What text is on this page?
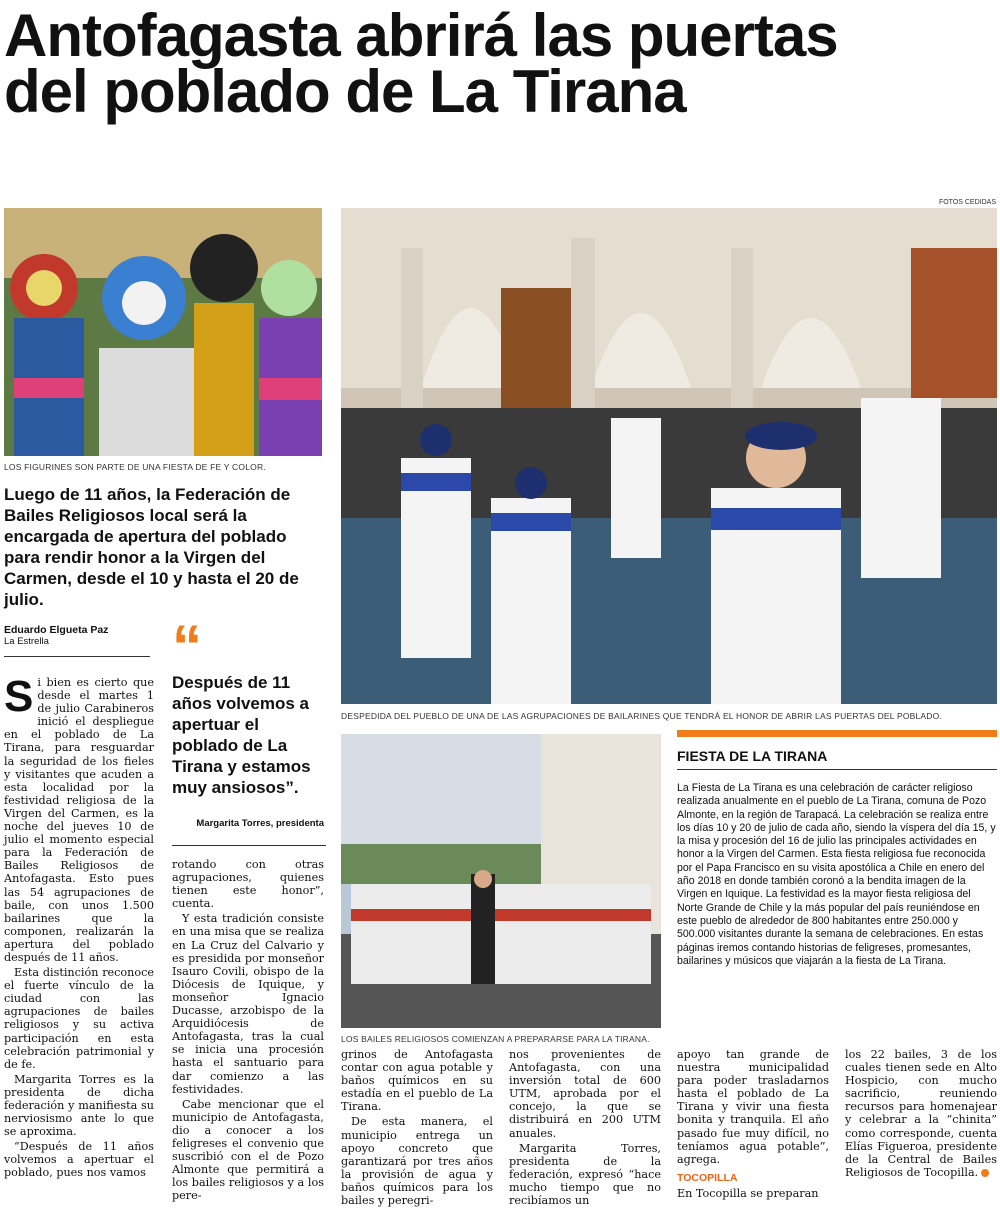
Antofagasta abrirá las puertas
del poblado de La Tirana
FOTOS CEDIDAS
LOS FIGURINES SON PARTE DE UNA FIESTA DE FE Y COLOR.
DESPEDIDA DEL PUEBLO DE UNA DE LAS AGRUPACIONES DE BAILARINES QUE TENDRÁ EL HONOR DE ABRIR LAS PUERTAS DEL POBLADO.
Luego de 11 años, la Federación de Bailes Religiosos local será la encargada de apertura del poblado para rendir honor a la Virgen del Carmen, desde el 10 y hasta el 20 de julio.
Eduardo Elgueta Paz
La Estrella	“
Después de 11 años volvemos a apertuar el poblado de La Tirana y estamos muy ansiosos”.
Margarita Torres, presidenta
S i bien es cierto que desde el martes 1 de julio Carabineros inició el despliegue en el poblado de La Tirana, para resguardar la seguridad de los fieles y visitantes que acuden a esta localidad por la festividad religiosa de la Virgen del Carmen, es la noche del jueves 10 de julio el momento especial para la Federación de Bailes Religiosos de Antofagasta. Esto pues las 54 agrupaciones de baile, con unos 1.500 bailarines que la componen, realizarán la apertura del poblado después de 11 años.

Esta distinción reconoce el fuerte vínculo de la ciudad con las agrupaciones de bailes religiosos y su activa participación en esta celebración patrimonial y de fe.

Margarita Torres es la presidenta de dicha federación y manifiesta su nerviosismo ante lo que se aproxima.

“Después de 11 años volvemos a apertuar el poblado, pues nos vamos

rotando con otras agrupaciones, quienes tienen este honor”, cuenta.

Y esta tradición consiste en una misa que se realiza en La Cruz del Calvario y es presidida por monseñor Isauro Covili, obispo de la Diócesis de Iquique, y monseñor Ignacio Ducasse, arzobispo de la Arquidiócesis de Antofagasta, tras la cual se inicia una procesión hasta el santuario para dar comienzo a las festividades.

Cabe mencionar que el municipio de Antofagasta, dio a conocer a los feligreses el convenio que suscribió con el de Pozo Almonte que permitirá a los bailes religiosos y a los pere-

LOS BAILES RELIGIOSOS COMIENZAN A PREPARARSE PARA LA TIRANA.
FIESTA DE LA TIRANA
La Fiesta de La Tirana es una celebración de carácter religioso realizada anualmente en el pueblo de La Tirana, comuna de Pozo Almonte, en la región de Tarapacá. La celebración se realiza entre los días 10 y 20 de julio de cada año, siendo la víspera del día 15, y la misa y procesión del 16 de julio las principales actividades en honor a la Virgen del Carmen. Esta fiesta religiosa fue reconocida por el Papa Francisco en su visita apostólica a Chile en enero del año 2018 en donde también coronó a la bendita imagen de la Virgen en Iquique. La festividad es la mayor fiesta religiosa del Norte Grande de Chile y la más popular del país reuniéndose en este pueblo de alrededor de 800 habitantes entre 250.000 y 500.000 visitantes durante la semana de celebraciones. En estas páginas iremos contando historias de feligreses, promesantes, bailarines y músicos que viajarán a la fiesta de La Tirana.

grinos de Antofagasta contar con agua potable y baños químicos en su estadía en el pueblo de La Tirana.

De esta manera, el municipio entrega un apoyo concreto que garantizará por tres años la provisión de agua y baños químicos para los bailes y peregri-

nos provenientes de Antofagasta, con una inversión total de 600 UTM, aprobada por el concejo, la que se distribuirá en 200 UTM anuales.

Margarita Torres, presidenta de la federación, expresó “hace mucho tiempo que no recibíamos un

apoyo tan grande de nuestra municipalidad para poder trasladarnos hasta el poblado de La Tirana y vivir una fiesta bonita y tranquila. El año pasado fue muy difícil, no teníamos agua potable”, agrega.

TOCOPILLA

En Tocopilla se preparan

los 22 bailes, 3 de los cuales tienen sede en Alto Hospicio, con mucho sacrificio, reuniendo recursos para homenajear y celebrar a la “chinita” como corresponde, cuenta Elías Figueroa, presidente de la Central de Bailes Religiosos de Tocopilla.
